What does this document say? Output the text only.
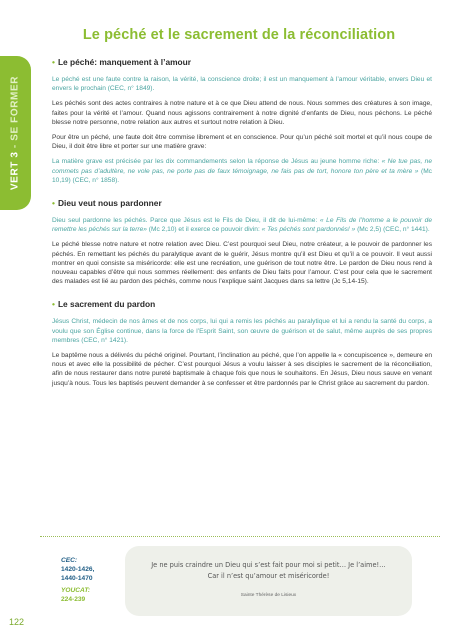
VERT 3 - SE FORMER
Le péché et le sacrement de la réconciliation
• Le péché: manquement à l’amour

Le péché est une faute contre la raison, la vérité, la conscience droite; il est un manquement à l’amour véritable, envers Dieu et envers le prochain (CEC, n° 1849).

Les péchés sont des actes contraires à notre nature et à ce que Dieu attend de nous. Nous sommes des créatures à son image, faites pour la vérité et l’amour. Quand nous agissons contrairement à notre dignité d’enfants de Dieu, nous péchons. Le péché blesse notre personne, notre relation aux autres et surtout notre relation à Dieu.

Pour être un péché, une faute doit être commise librement et en conscience. Pour qu’un péché soit mortel et qu’il nous coupe de Dieu, il doit être libre et porter sur une matière grave:

La matière grave est précisée par les dix commandements selon la réponse de Jésus au jeune homme riche: « Ne tue pas, ne commets pas d’adultère, ne vole pas, ne porte pas de faux témoignage, ne fais pas de tort, honore ton père et ta mère » (Mc 10,19) (CEC, n° 1858).

• Dieu veut nous pardonner

Dieu seul pardonne les péchés. Parce que Jésus est le Fils de Dieu, il dit de lui-même: « Le Fils de l’homme a le pouvoir de remettre les péchés sur la terre» (Mc 2,10) et il exerce ce pouvoir divin: « Tes péchés sont pardonnés! » (Mc 2,5) (CEC, n° 1441).

Le péché blesse notre nature et notre relation avec Dieu. C’est pourquoi seul Dieu, notre créateur, a le pouvoir de pardonner les péchés. En remettant les péchés du paralytique avant de le guérir, Jésus montre qu’il est Dieu et qu’il a ce pouvoir. Il veut aussi montrer en quoi consiste sa miséricorde: elle est une recréation, une guérison de tout notre être. Le pardon de Dieu nous rend à nouveau capables d’être qui nous sommes réellement: des enfants de Dieu faits pour l’amour. C’est pour cela que le sacrement des malades est lié au pardon des péchés, comme nous l’explique saint Jacques dans sa lettre (Jc 5,14-15).

• Le sacrement du pardon

Jésus Christ, médecin de nos âmes et de nos corps, lui qui a remis les péchés au paralytique et lui a rendu la santé du corps, a voulu que son Église continue, dans la force de l’Esprit Saint, son œuvre de guérison et de salut, même auprès de ses propres membres (CEC, n° 1421).

Le baptême nous a délivrés du péché originel. Pourtant, l’inclination au péché, que l’on appelle la « concupiscence », demeure en nous et avec elle la possibilité de pécher. C’est pourquoi Jésus a voulu laisser à ses disciples le sacrement de la réconciliation, afin de nous restaurer dans notre pureté baptismale à chaque fois que nous le souhaitons. En Jésus, Dieu nous sauve en venant jusqu’à nous. Tous les baptisés peuvent demander à se confesser et être pardonnés par le Christ grâce au sacrement du pardon.

CEC:
1420-1426,
1440-1470
YOUCAT:
224-239
Je ne puis craindre un Dieu qui s’est fait pour moi si petit… Je l’aime!…
Car il n’est qu’amour et miséricorde!
Sainte Thérèse de Lisieux
122
